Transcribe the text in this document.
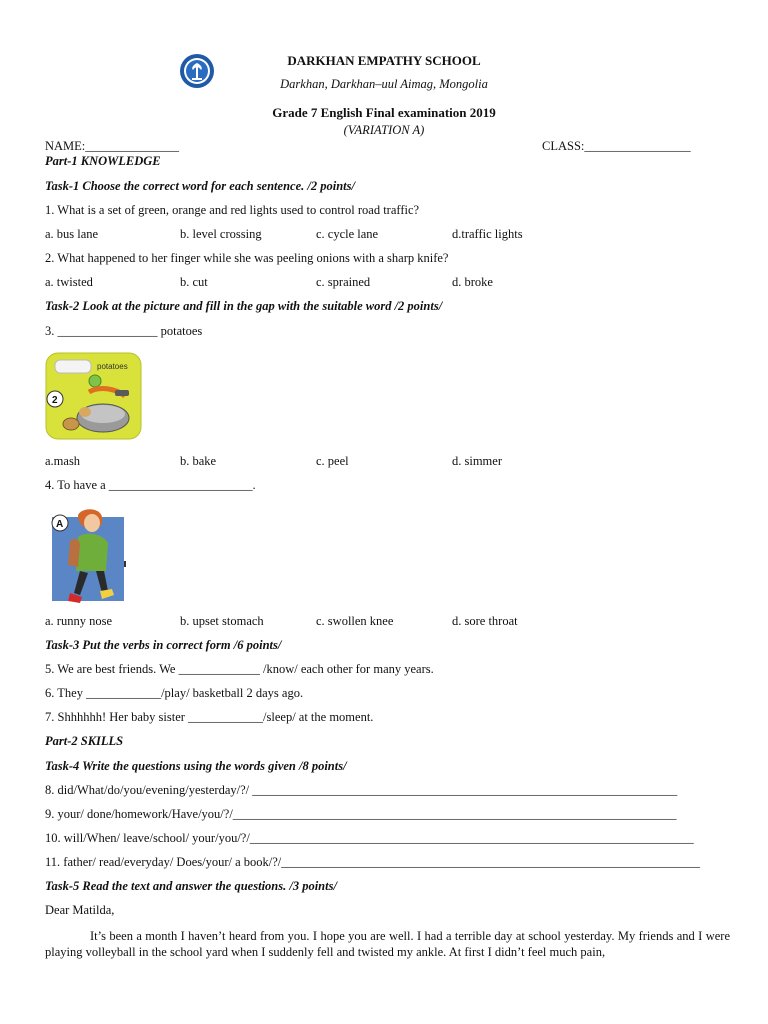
DARKHAN EMPATHY SCHOOL
Darkhan, Darkhan–uul Aimag, Mongolia
Grade 7 English Final examination 2019
(VARIATION A)
NAME:_______________	CLASS:_________________
Part-1 KNOWLEDGE
Task-1 Choose the correct word for each sentence. /2 points/
1. What is a set of green, orange and red lights used to control road traffic?
a. bus lane	b. level crossing	c. cycle lane	d.traffic lights
2. What happened to her finger while she was peeling onions with a sharp knife?
a. twisted	b. cut	c. sprained	d. broke
Task-2 Look at the picture and fill in the gap with the suitable word /2 points/
3. ________________ potatoes
potatoes
2
a.mash	b. bake	c. peel	d. simmer
4. To have a _______________________.
A
a. runny nose	b. upset stomach	c. swollen knee	d. sore throat
Task-3 Put the verbs in correct form /6 points/
5. We are best friends. We _____________ /know/ each other for many years.
6. They ____________/play/ basketball 2 days ago.
7. Shhhhhh! Her baby sister ____________/sleep/ at the moment.
Part-2 SKILLS
Task-4 Write the questions using the words given /8 points/
8. did/What/do/you/evening/yesterday/?/ ____________________________________________________________________
9. your/ done/homework/Have/you/?/_______________________________________________________________________
10. will/When/ leave/school/ your/you/?/_______________________________________________________________________
11. father/ read/everyday/ Does/your/ a book/?/___________________________________________________________________
Task-5 Read the text and answer the questions. /3 points/
Dear Matilda,
It’s been a month I haven’t heard from you. I hope you are well. I had a terrible day at school yesterday. My friends and I were playing volleyball in the school yard when I suddenly fell and twisted my ankle. At first I didn’t feel much pain,
